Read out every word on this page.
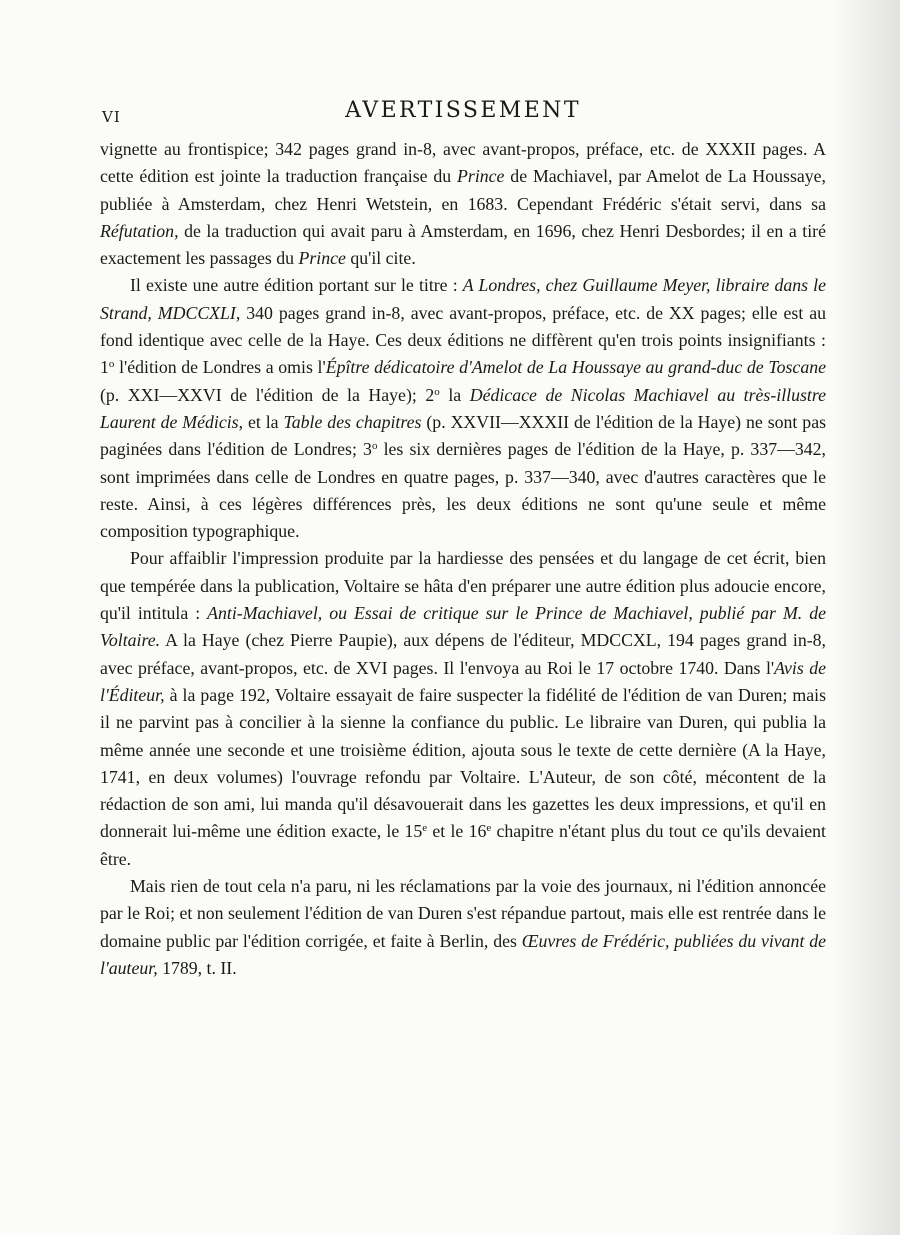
VI	AVERTISSEMENT

vignette au frontispice; 342 pages grand in-8, avec avant-propos, préface, etc. de XXXII pages. A cette édition est jointe la traduction française du Prince de Machiavel, par Amelot de La Houssaye, publiée à Amsterdam, chez Henri Wetstein, en 1683. Cependant Frédéric s'était servi, dans sa Réfutation, de la traduction qui avait paru à Amsterdam, en 1696, chez Henri Desbordes; il en a tiré exactement les passages du Prince qu'il cite.

Il existe une autre édition portant sur le titre : A Londres, chez Guillaume Meyer, libraire dans le Strand, MDCCXLI, 340 pages grand in-8, avec avant-propos, préface, etc. de XX pages; elle est au fond identique avec celle de la Haye. Ces deux éditions ne diffèrent qu'en trois points insignifiants : 1$^o$ l'édition de Londres a omis l'Épître dédicatoire d'Amelot de La Houssaye au grand-duc de Toscane (p. XXI—XXVI de l'édition de la Haye); 2$^o$ la Dédicace de Nicolas Machiavel au très-illustre Laurent de Médicis, et la Table des chapitres (p. XXVII—XXXII de l'édition de la Haye) ne sont pas paginées dans l'édition de Londres; 3$^o$ les six dernières pages de l'édition de la Haye, p. 337—342, sont imprimées dans celle de Londres en quatre pages, p. 337—340, avec d'autres caractères que le reste. Ainsi, à ces légères différences près, les deux éditions ne sont qu'une seule et même composition typographique.

Pour affaiblir l'impression produite par la hardiesse des pensées et du langage de cet écrit, bien que tempérée dans la publication, Voltaire se hâta d'en préparer une autre édition plus adoucie encore, qu'il intitula : Anti-Machiavel, ou Essai de critique sur le Prince de Machiavel, publié par M. de Voltaire. A la Haye (chez Pierre Paupie), aux dépens de l'éditeur, MDCCXL, 194 pages grand in-8, avec préface, avant-propos, etc. de XVI pages. Il l'envoya au Roi le 17 octobre 1740. Dans l'Avis de l'Éditeur, à la page 192, Voltaire essayait de faire suspecter la fidélité de l'édition de van Duren; mais il ne parvint pas à concilier à la sienne la confiance du public. Le libraire van Duren, qui publia la même année une seconde et une troisième édition, ajouta sous le texte de cette dernière (A la Haye, 1741, en deux volumes) l'ouvrage refondu par Voltaire. L'Auteur, de son côté, mécontent de la rédaction de son ami, lui manda qu'il désavouerait dans les gazettes les deux impressions, et qu'il en donnerait lui-même une édition exacte, le 15e et le 16e chapitre n'étant plus du tout ce qu'ils devaient être.

Mais rien de tout cela n'a paru, ni les réclamations par la voie des journaux, ni l'édition annoncée par le Roi; et non seulement l'édition de van Duren s'est répandue partout, mais elle est rentrée dans le domaine public par l'édition corrigée, et faite à Berlin, des Œuvres de Frédéric, publiées du vivant de l'auteur, 1789, t. II.
